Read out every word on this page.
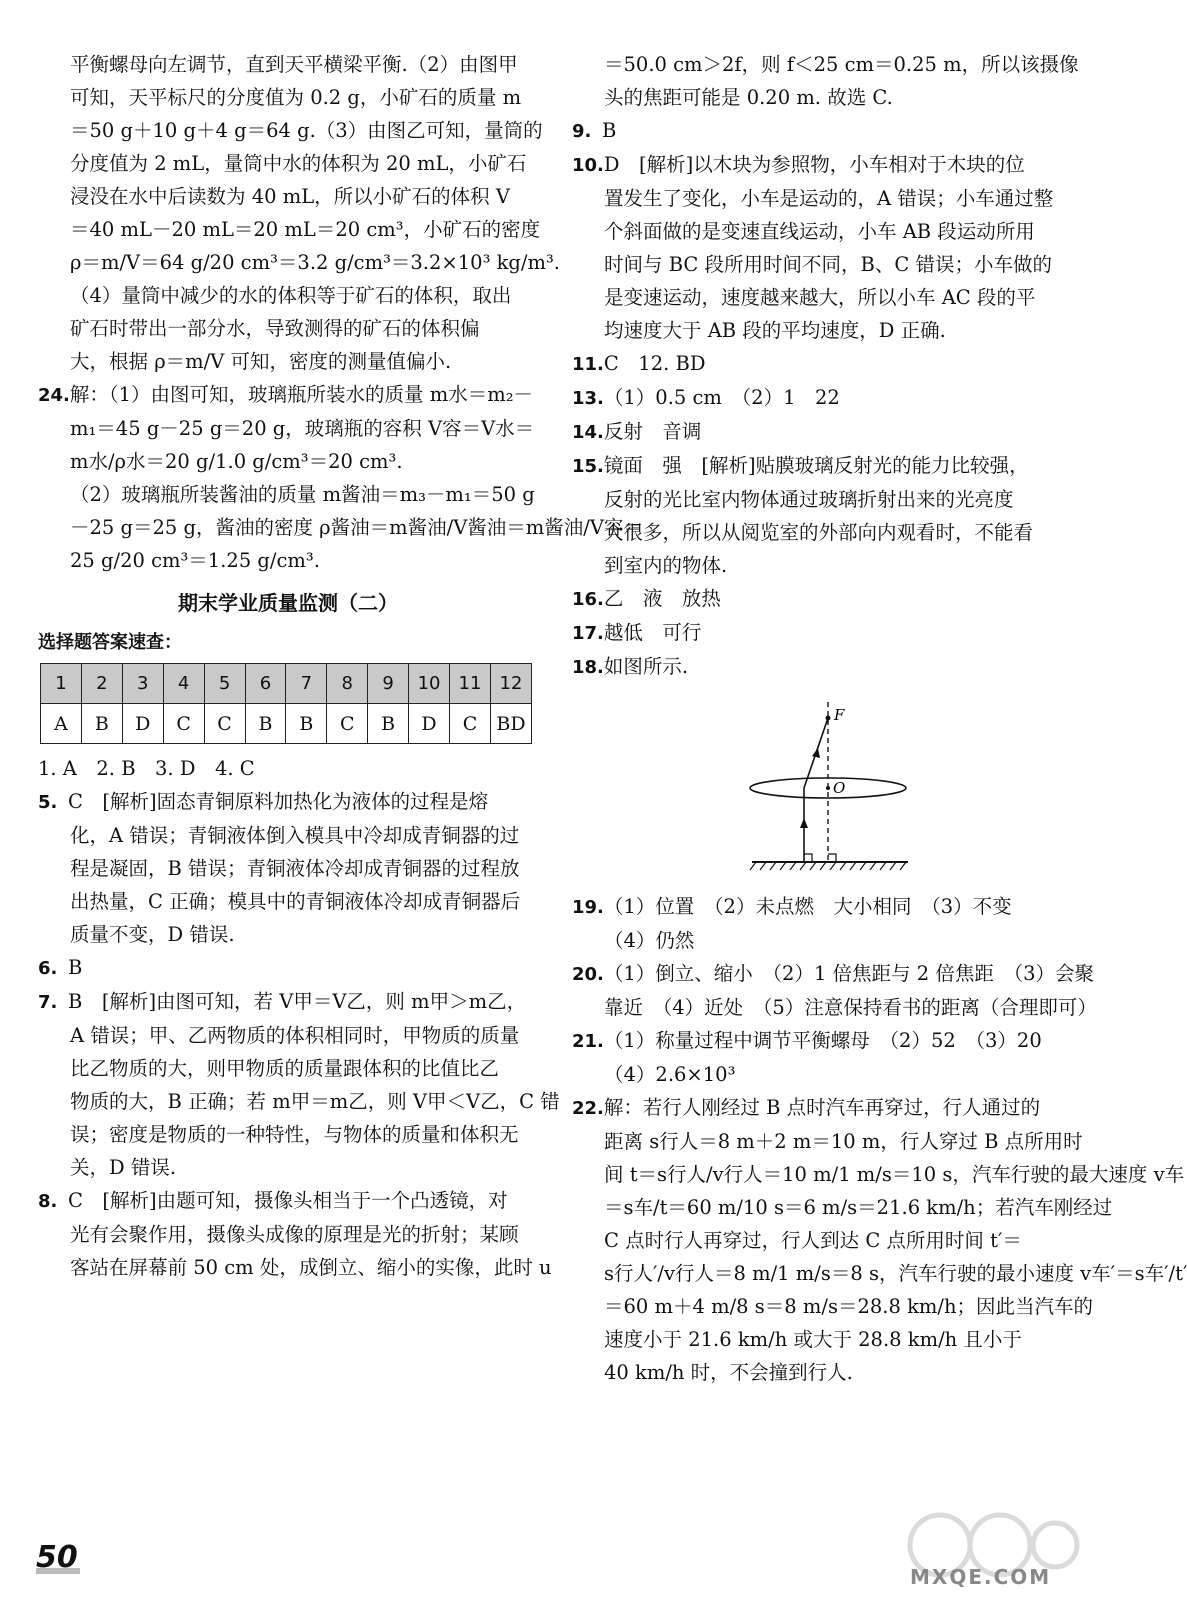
平衡螺母向左调节，直到天平横梁平衡.（2）由图甲
可知，天平标尺的分度值为 0.2 g，小矿石的质量 m
＝50 g＋10 g＋4 g＝64 g.（3）由图乙可知，量筒的
分度值为 2 mL，量筒中水的体积为 20 mL，小矿石
浸没在水中后读数为 40 mL，所以小矿石的体积 V
＝40 mL－20 mL＝20 mL＝20 cm³，小矿石的密度
ρ＝m/V＝64 g/20 cm³＝3.2 g/cm³＝3.2×10³ kg/m³.
（4）量筒中减少的水的体积等于矿石的体积，取出
矿石时带出一部分水，导致测得的矿石的体积偏
大，根据 ρ＝m/V 可知，密度的测量值偏小.
24.解：（1）由图可知，玻璃瓶所装水的质量 m水＝m₂－
m₁＝45 g－25 g＝20 g，玻璃瓶的容积 V容＝V水＝
m水/ρ水＝20 g/1.0 g/cm³＝20 cm³.
（2）玻璃瓶所装酱油的质量 m酱油＝m₃－m₁＝50 g
－25 g＝25 g，酱油的密度 ρ酱油＝m酱油/V酱油＝m酱油/V容＝
25 g/20 cm³＝1.25 g/cm³.
期末学业质量监测（二）
选择题答案速查：
1	2	3	4	5	6	7	8	9	10	11	12
A	B	D	C	C	B	B	C	B	D	C	BD
1. A　2. B　3. D　4. C
5. C　[解析]固态青铜原料加热化为液体的过程是熔
化，A 错误；青铜液体倒入模具中冷却成青铜器的过
程是凝固，B 错误；青铜液体冷却成青铜器的过程放
出热量，C 正确；模具中的青铜液体冷却成青铜器后
质量不变，D 错误.
6. B
7. B　[解析]由图可知，若 V甲＝V乙，则 m甲＞m乙，
A 错误；甲、乙两物质的体积相同时，甲物质的质量
比乙物质的大，则甲物质的质量跟体积的比值比乙
物质的大，B 正确；若 m甲＝m乙，则 V甲＜V乙，C 错
误；密度是物质的一种特性，与物体的质量和体积无
关，D 错误.
8. C　[解析]由题可知，摄像头相当于一个凸透镜，对
光有会聚作用，摄像头成像的原理是光的折射；某顾
客站在屏幕前 50 cm 处，成倒立、缩小的实像，此时 u
＝50.0 cm＞2f，则 f＜25 cm＝0.25 m，所以该摄像
头的焦距可能是 0.20 m. 故选 C.
9. B
10.D　[解析]以木块为参照物，小车相对于木块的位
置发生了变化，小车是运动的，A 错误；小车通过整
个斜面做的是变速直线运动，小车 AB 段运动所用
时间与 BC 段所用时间不同，B、C 错误；小车做的
是变速运动，速度越来越大，所以小车 AC 段的平
均速度大于 AB 段的平均速度，D 正确.
11.C　12. BD
13.（1）0.5 cm　（2）1　22
14.反射　音调
15.镜面　强　[解析]贴膜玻璃反射光的能力比较强，
反射的光比室内物体通过玻璃折射出来的光亮度
大很多，所以从阅览室的外部向内观看时，不能看
到室内的物体.
16.乙　液　放热
17.越低　可行
18.如图所示.
F
O
19.（1）位置　（2）未点燃　大小相同　（3）不变
（4）仍然
20.（1）倒立、缩小　（2）1 倍焦距与 2 倍焦距　（3）会聚
靠近　（4）近处　（5）注意保持看书的距离（合理即可）
21.（1）称量过程中调节平衡螺母　（2）52　（3）20
（4）2.6×10³
22.解：若行人刚经过 B 点时汽车再穿过，行人通过的
距离 s行人＝8 m＋2 m＝10 m，行人穿过 B 点所用时
间 t＝s行人/v行人＝10 m/1 m/s＝10 s，汽车行驶的最大速度 v车
＝s车/t＝60 m/10 s＝6 m/s＝21.6 km/h；若汽车刚经过
C 点时行人再穿过，行人到达 C 点所用时间 t′＝
s行人′/v行人＝8 m/1 m/s＝8 s，汽车行驶的最小速度 v车′＝s车′/t′
＝60 m＋4 m/8 s＝8 m/s＝28.8 km/h；因此当汽车的
速度小于 21.6 km/h 或大于 28.8 km/h 且小于
40 km/h 时，不会撞到行人.
50
MXQE.COM
